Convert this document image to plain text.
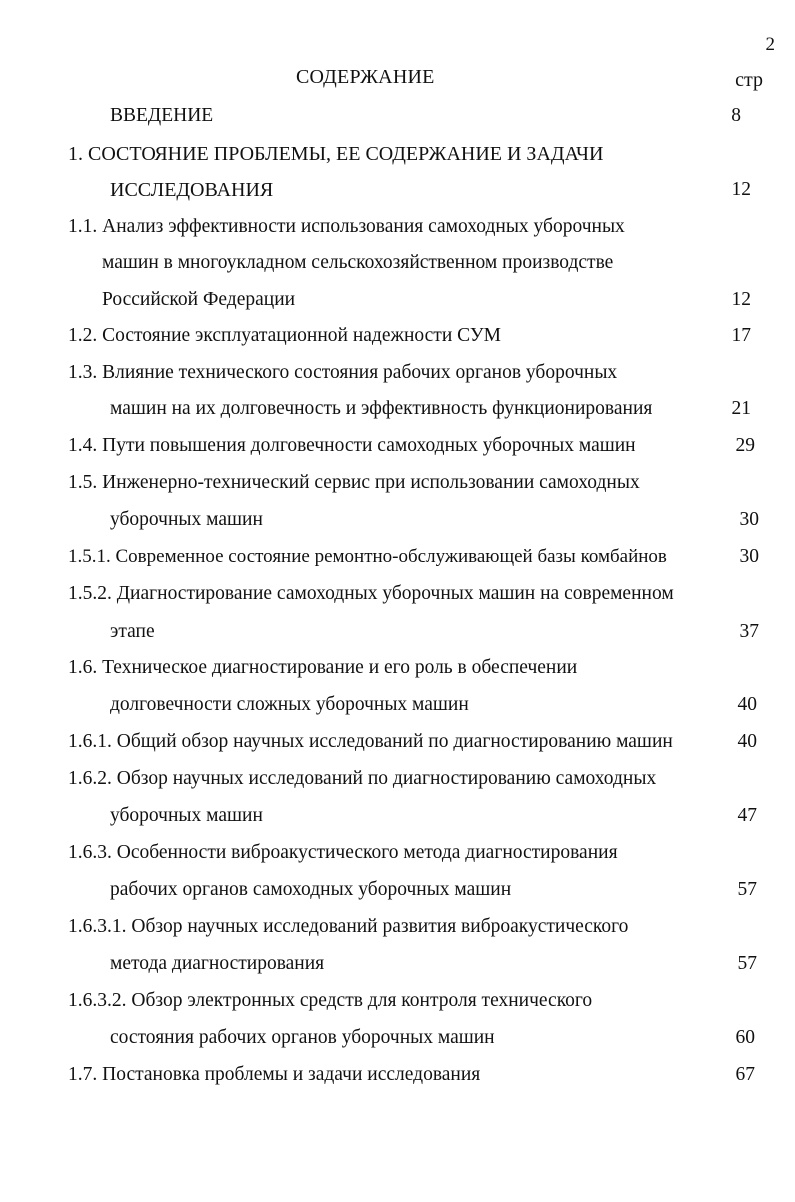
2
СОДЕРЖАНИЕ	стр
ВВЕДЕНИЕ	8
1. СОСТОЯНИЕ ПРОБЛЕМЫ, ЕЕ СОДЕРЖАНИЕ И ЗАДАЧИ
ИССЛЕДОВАНИЯ	12
1.1. Анализ эффективности использования самоходных уборочных
машин в многоукладном сельскохозяйственном производстве
Российской Федерации	12
1.2. Состояние эксплуатационной надежности СУМ	17
1.3. Влияние технического состояния рабочих органов уборочных
машин на их долговечность и эффективность функционирования	21
1.4. Пути повышения долговечности самоходных уборочных машин	29
1.5. Инженерно-технический сервис при использовании самоходных
уборочных машин	30
1.5.1. Современное состояние ремонтно-обслуживающей базы комбайнов	30
1.5.2. Диагностирование самоходных уборочных машин на современном
этапе	37
1.6. Техническое диагностирование и его роль в обеспечении
долговечности сложных уборочных машин	40
1.6.1. Общий обзор научных исследований по диагностированию машин	40
1.6.2. Обзор научных исследований по диагностированию самоходных
уборочных машин	47
1.6.3. Особенности виброакустического метода диагностирования
рабочих органов самоходных уборочных машин	57
1.6.3.1. Обзор научных исследований развития виброакустического
метода диагностирования	57
1.6.3.2. Обзор электронных средств для контроля технического
состояния рабочих органов уборочных машин	60
1.7. Постановка проблемы и задачи исследования	67
